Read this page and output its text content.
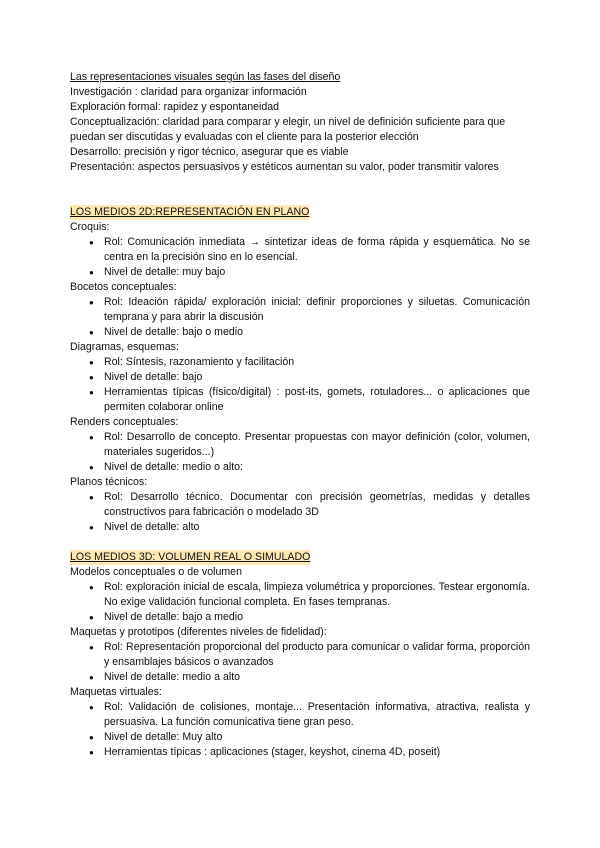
Las representaciones visuales según las fases del diseño

Investigación : claridad para organizar información

Exploración formal: rapidez y espontaneidad

Conceptualización: claridad para comparar y elegir, un nivel de definición suficiente para que puedan ser discutidas y evaluadas con el cliente para la posterior elección

Desarrollo: precisión y rigor técnico, asegurar que es viable

Presentación: aspectos persuasivos y estéticos aumentan su valor, poder transmitir valores

LOS MEDIOS 2D:REPRESENTACIÓN EN PLANO

Croquis:

● Rol: Comunicación inmediata → sintetizar ideas de forma rápida y esquemática. No se centra en la precisión sino en lo esencial.
● Nivel de detalle: muy bajo

Bocetos conceptuales:

● Rol: Ideación rápida/ exploración inicial: definir proporciones y siluetas. Comunicación temprana y para abrir la discusión
● Nivel de detalle: bajo o medio

Diagramas, esquemas:

● Rol: Síntesis, razonamiento y facilitación
● Nivel de detalle: bajo
● Herramientas típicas (físico/digital) : post-its, gomets, rotuladores... o aplicaciones que permiten colaborar online

Renders conceptuales:

● Rol: Desarrollo de concepto. Presentar propuestas con mayor definición (color, volumen, materiales sugeridos...)
● Nivel de detalle: medio o alto:

Planos técnicos:

● Rol: Desarrollo técnico. Documentar con precisión geometrías, medidas y detalles constructivos para fabricación o modelado 3D
● Nivel de detalle: alto

LOS MEDIOS 3D: VOLUMEN REAL O SIMULADO

Modelos conceptuales o de volumen

● Rol: exploración inicial de escala, limpieza volumétrica y proporciones. Testear ergonomía. No exige validación funcional completa. En fases tempranas.
● Nivel de detalle: bajo a medio

Maquetas y prototipos (diferentes niveles de fidelidad):

● Rol: Representación proporcional del producto para comunicar o validar forma, proporción y ensamblajes básicos o avanzados
● Nivel de detalle: medio a alto

Maquetas virtuales:

● Rol: Validación de colisiones, montaje... Presentación informativa, atractiva, realista y persuasiva. La función comunicativa tiene gran peso.
● Nivel de detalle: Muy alto
● Herramientas típicas : aplicaciones (stager, keyshot, cinema 4D, poseit)
